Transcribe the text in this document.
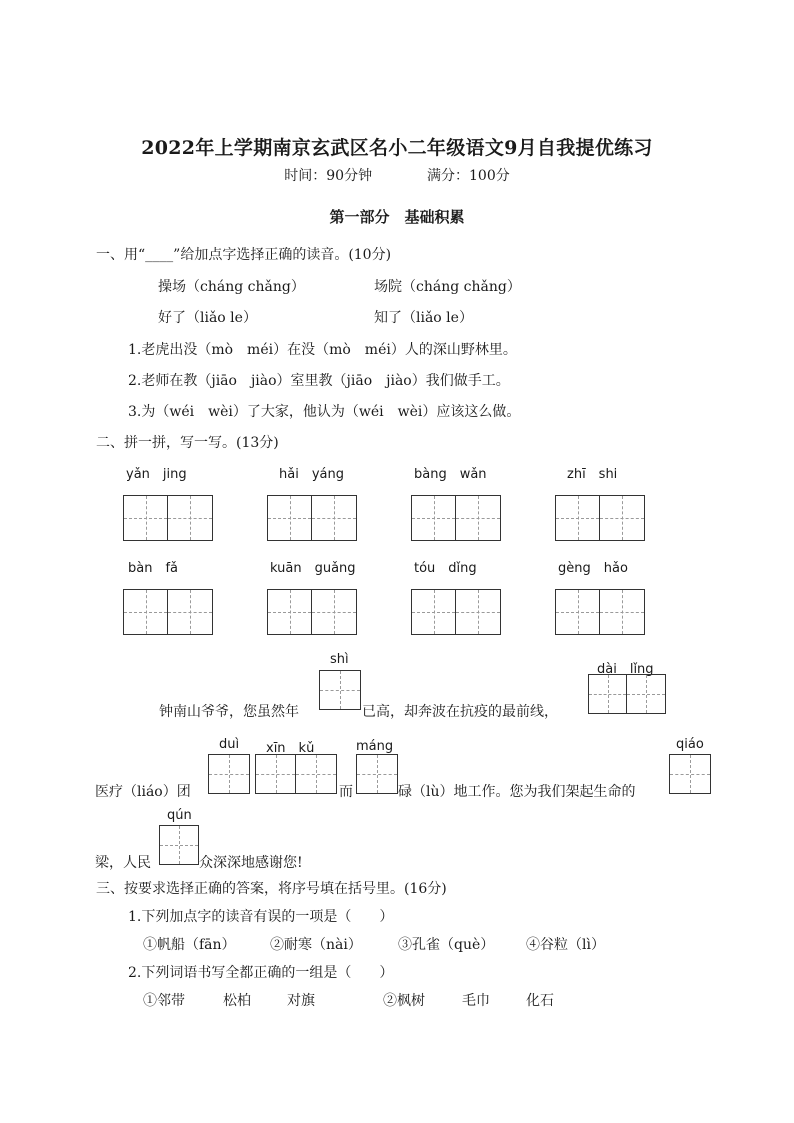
2022年上学期南京玄武区名小二年级语文9月自我提优练习
时间：90分钟	满分：100分
第一部分　基础积累
一、用“____”给加点字选择正确的读音。(10分)
操场（cháng chǎng）	场院（cháng chǎng）
好了（liǎo le）	知了（liǎo le）
1.老虎出没（mò　méi）在没（mò　méi）人的深山野林里。
2.老师在教（jiāo　jiào）室里教（jiāo　jiào）我们做手工。
3.为（wéi　wèi）了大家，他认为（wéi　wèi）应该这么做。
二、拼一拼，写一写。(13分)
yǎn　jing	hǎi　yáng	bàng　wǎn	zhī　shi
bàn　fǎ	kuān　guǎng	tóu　dǐng	gèng　hǎo
shì
dài　lǐng
钟南山爷爷，您虽然年	已高，却奔波在抗疫的最前线，
duì xīn　kǔ	máng	qiáo
医疗（liáo）团	而	碌（lù）地工作。您为我们架起生命的
qún
梁，人民	众深深地感谢您!
三、按要求选择正确的答案，将序号填在括号里。(16分)
1.下列加点字的读音有误的一项是（　　）
①帆船（fān） ②耐寒（nài）	③孔雀（què） ④谷粒（lì）
2.下列词语书写全都正确的一组是（　　）
①邻带	松柏	对旗	②枫树	毛巾	化石
